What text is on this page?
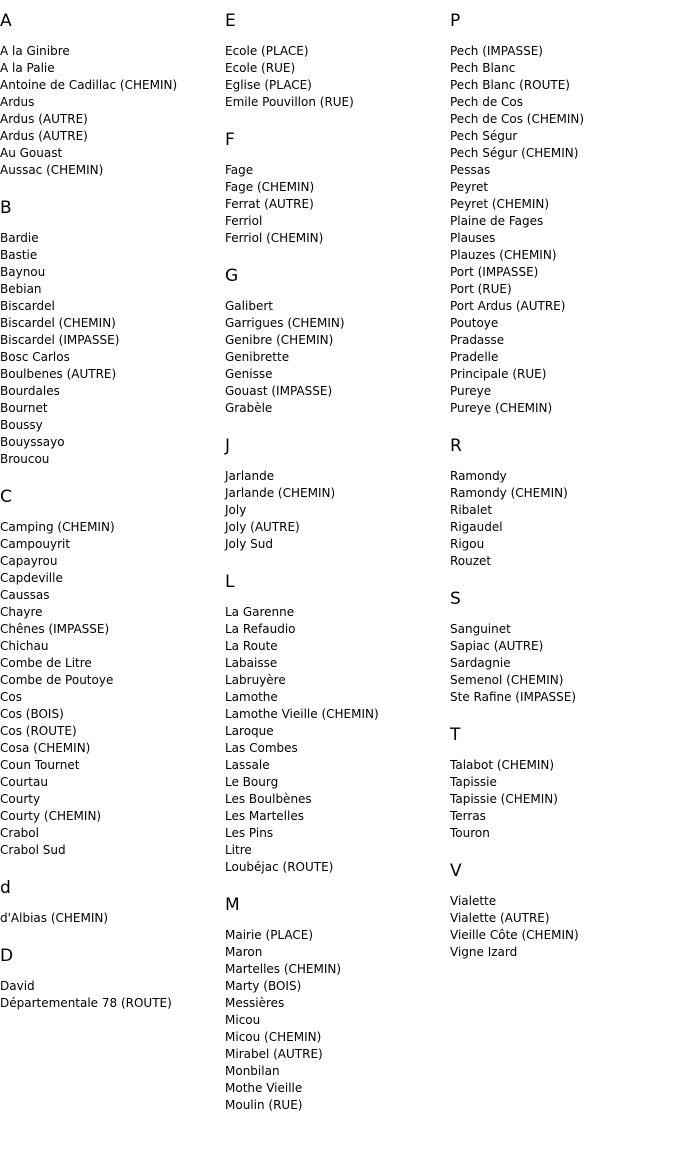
A
A la Ginibre
A la Palie
Antoine de Cadillac (CHEMIN)
Ardus
Ardus (AUTRE)
Ardus (AUTRE)
Au Gouast
Aussac (CHEMIN)
B
Bardie
Bastie
Baynou
Bebian
Biscardel
Biscardel (CHEMIN)
Biscardel (IMPASSE)
Bosc Carlos
Boulbenes (AUTRE)
Bourdales
Bournet
Boussy
Bouyssayo
Broucou
C
Camping (CHEMIN)
Campouyrit
Capayrou
Capdeville
Caussas
Chayre
Chênes (IMPASSE)
Chichau
Combe de Litre
Combe de Poutoye
Cos
Cos (BOIS)
Cos (ROUTE)
Cosa (CHEMIN)
Coun Tournet
Courtau
Courty
Courty (CHEMIN)
Crabol
Crabol Sud
d
d'Albias (CHEMIN)
D
David
Départementale 78 (ROUTE)
E
Ecole (PLACE)
Ecole (RUE)
Eglise (PLACE)
Emile Pouvillon (RUE)
F
Fage
Fage (CHEMIN)
Ferrat (AUTRE)
Ferriol
Ferriol (CHEMIN)
G
Galibert
Garrigues (CHEMIN)
Genibre (CHEMIN)
Genibrette
Genisse
Gouast (IMPASSE)
Grabèle
J
Jarlande
Jarlande (CHEMIN)
Joly
Joly (AUTRE)
Joly Sud
L
La Garenne
La Refaudio
La Route
Labaisse
Labruyère
Lamothe
Lamothe Vieille (CHEMIN)
Laroque
Las Combes
Lassale
Le Bourg
Les Boulbènes
Les Martelles
Les Pins
Litre
Loubéjac (ROUTE)
M
Mairie (PLACE)
Maron
Martelles (CHEMIN)
Marty (BOIS)
Messières
Micou
Micou (CHEMIN)
Mirabel (AUTRE)
Monbilan
Mothe Vieille
Moulin (RUE)
P
Pech (IMPASSE)
Pech Blanc
Pech Blanc (ROUTE)
Pech de Cos
Pech de Cos (CHEMIN)
Pech Ségur
Pech Ségur (CHEMIN)
Pessas
Peyret
Peyret (CHEMIN)
Plaine de Fages
Plauses
Plauzes (CHEMIN)
Port (IMPASSE)
Port (RUE)
Port Ardus (AUTRE)
Poutoye
Pradasse
Pradelle
Principale (RUE)
Pureye
Pureye (CHEMIN)
R
Ramondy
Ramondy (CHEMIN)
Ribalet
Rigaudel
Rigou
Rouzet
S
Sanguinet
Sapiac (AUTRE)
Sardagnie
Semenol (CHEMIN)
Ste Rafine (IMPASSE)
T
Talabot (CHEMIN)
Tapissie
Tapissie (CHEMIN)
Terras
Touron
V
Vialette
Vialette (AUTRE)
Vieille Côte (CHEMIN)
Vigne Izard
